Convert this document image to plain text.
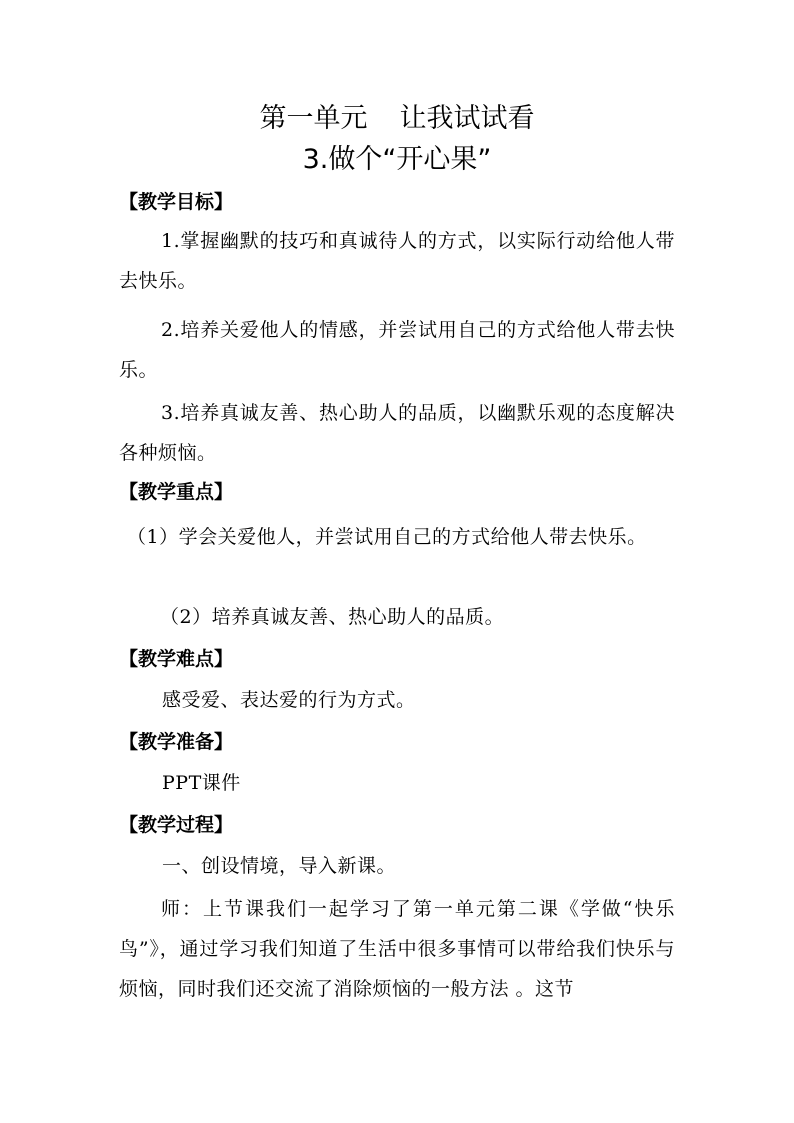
第一单元 让我试试看
3.做个“开心果”
【教学目标】
1.掌握幽默的技巧和真诚待人的方式，以实际行动给他人带去快乐。
2.培养关爱他人的情感，并尝试用自己的方式给他人带去快乐。
3.培养真诚友善、热心助人的品质，以幽默乐观的态度解决各种烦恼。
【教学重点】
（1）学会关爱他人，并尝试用自己的方式给他人带去快乐。
（2）培养真诚友善、热心助人的品质。
【教学难点】
感受爱、表达爱的行为方式。
【教学准备】
PPT课件
【教学过程】
一、创设情境，导入新课。
师：上节课我们一起学习了第一单元第二课《学做“快乐鸟”》，通过学习我们知道了生活中很多事情可以带给我们快乐与烦恼，同时我们还交流了消除烦恼的一般方法 。这节
